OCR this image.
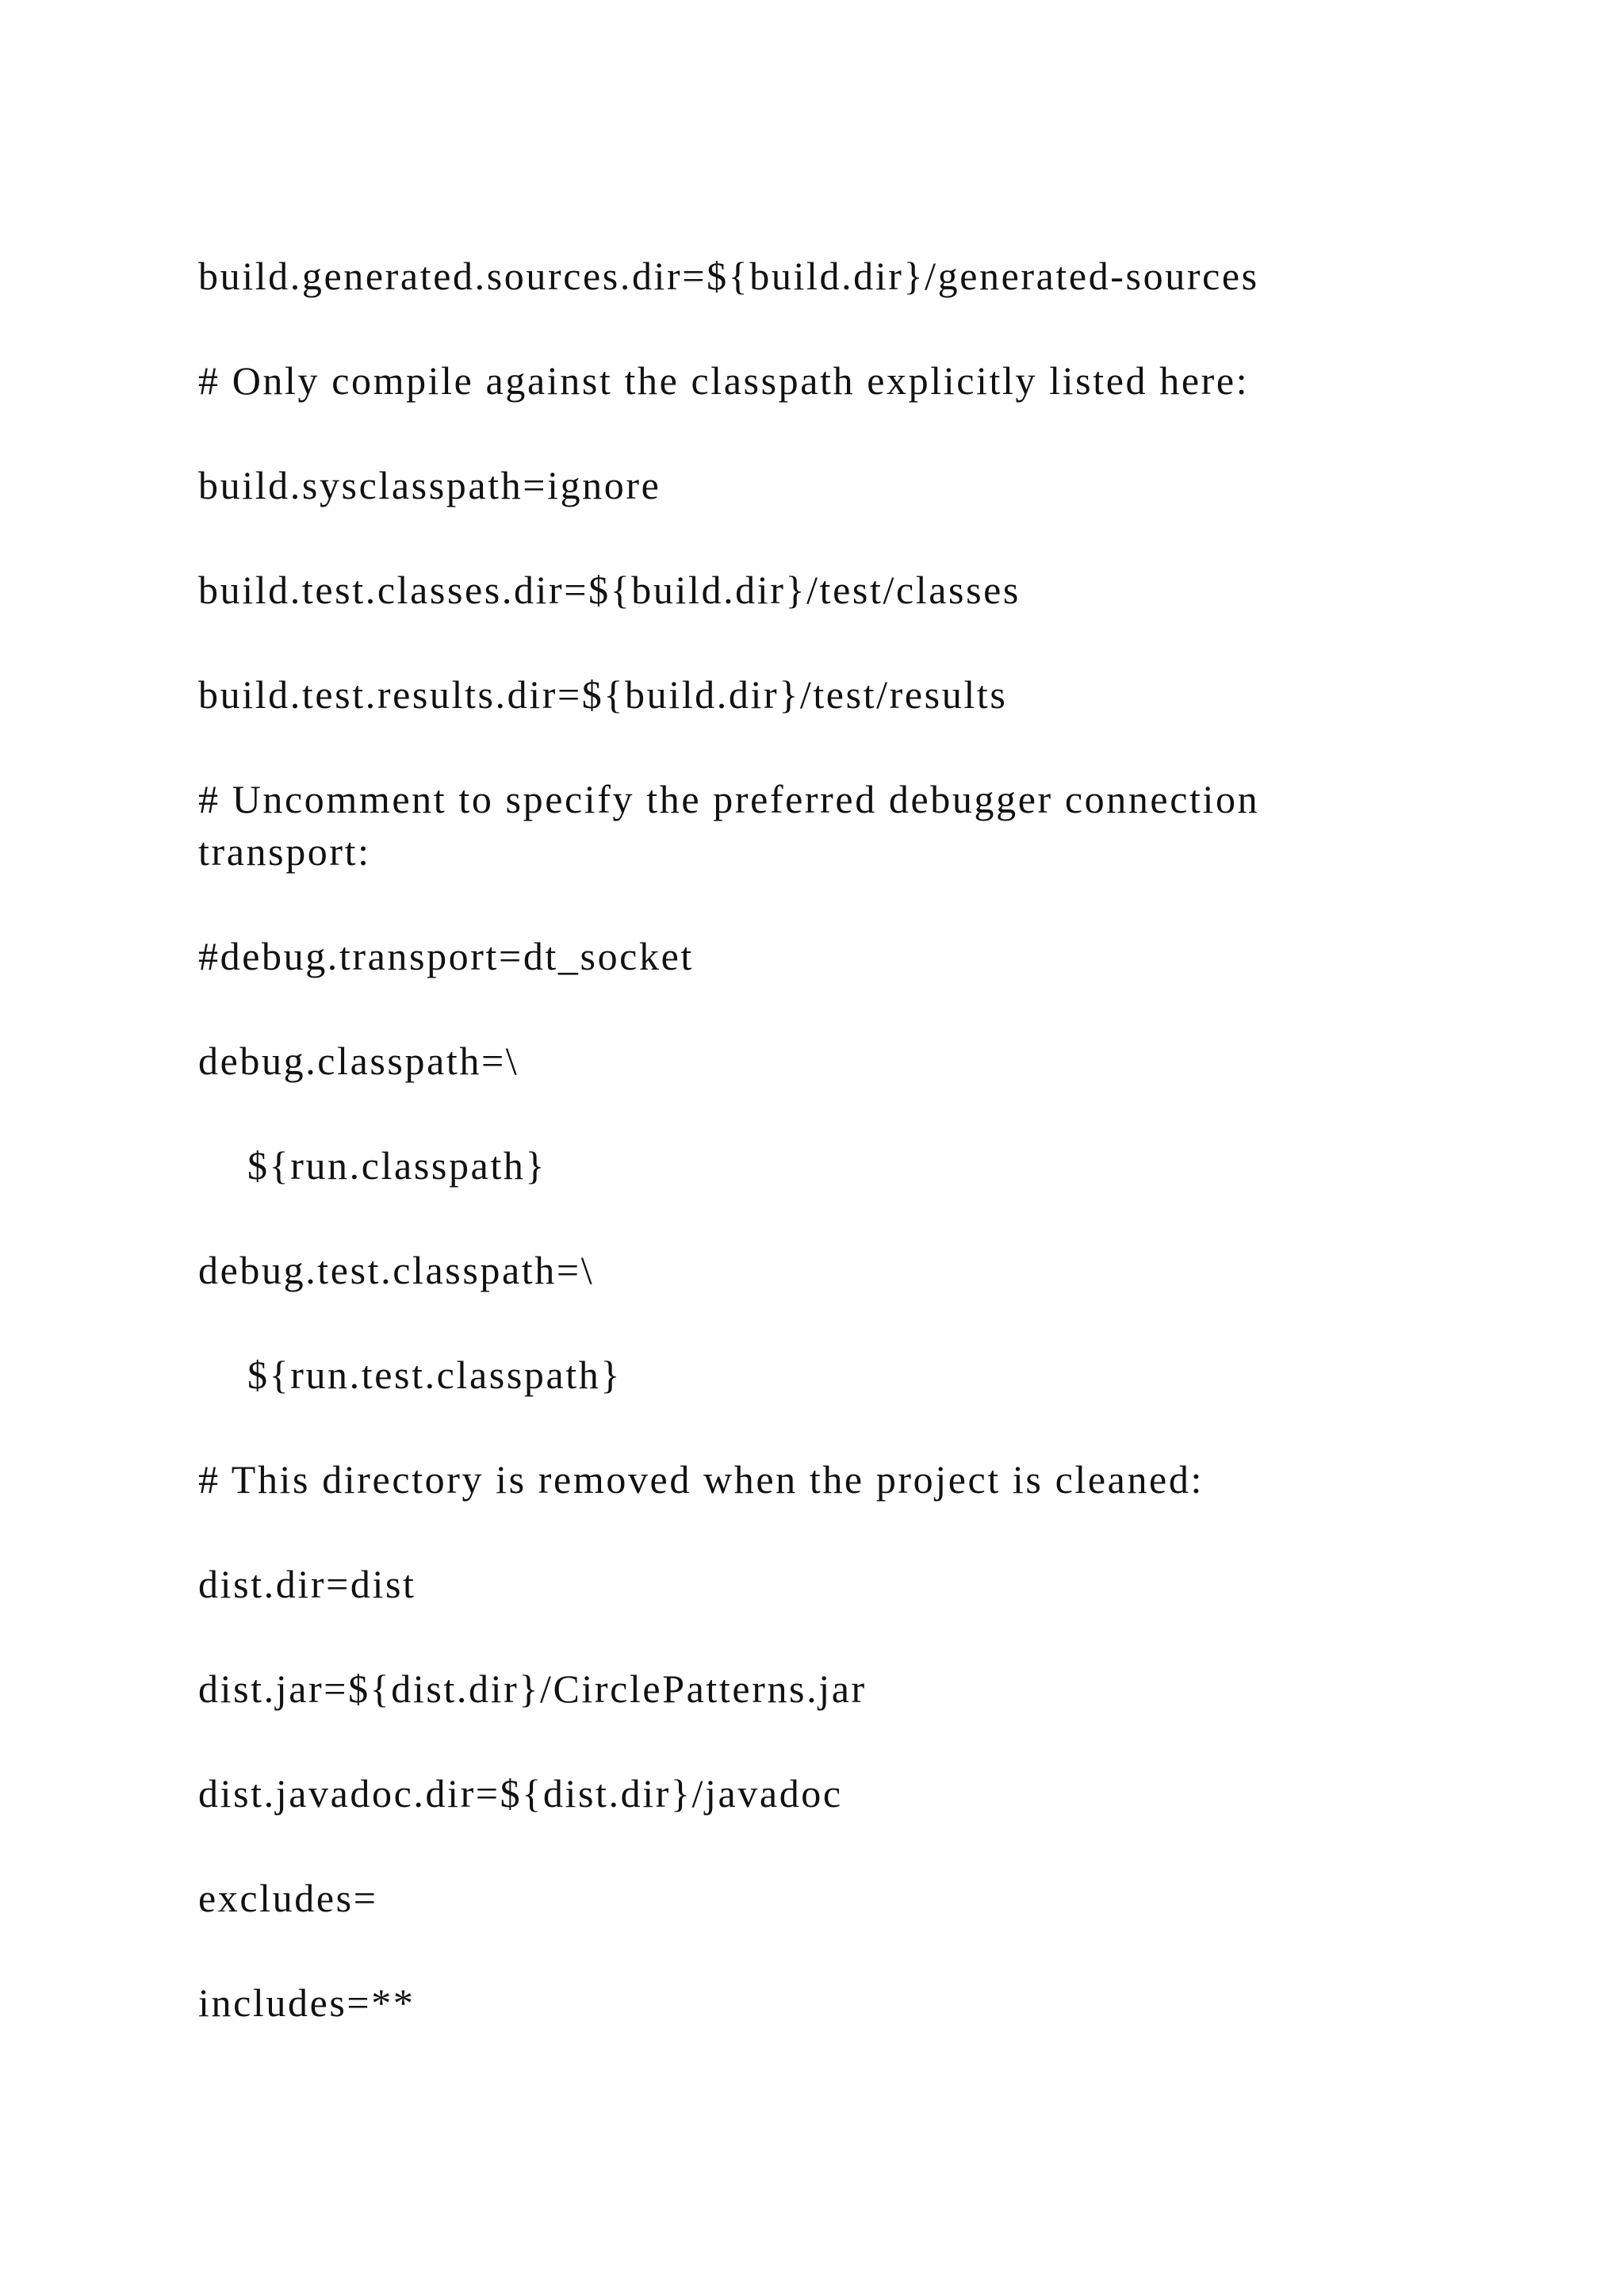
build.generated.sources.dir=${build.dir}/generated-sources

# Only compile against the classpath explicitly listed here:

build.sysclasspath=ignore

build.test.classes.dir=${build.dir}/test/classes

build.test.results.dir=${build.dir}/test/results

# Uncomment to specify the preferred debugger connection transport:

#debug.transport=dt_socket

debug.classpath=\

${run.classpath}

debug.test.classpath=\

${run.test.classpath}

# This directory is removed when the project is cleaned:

dist.dir=dist

dist.jar=${dist.dir}/CirclePatterns.jar

dist.javadoc.dir=${dist.dir}/javadoc

excludes=

includes=**
